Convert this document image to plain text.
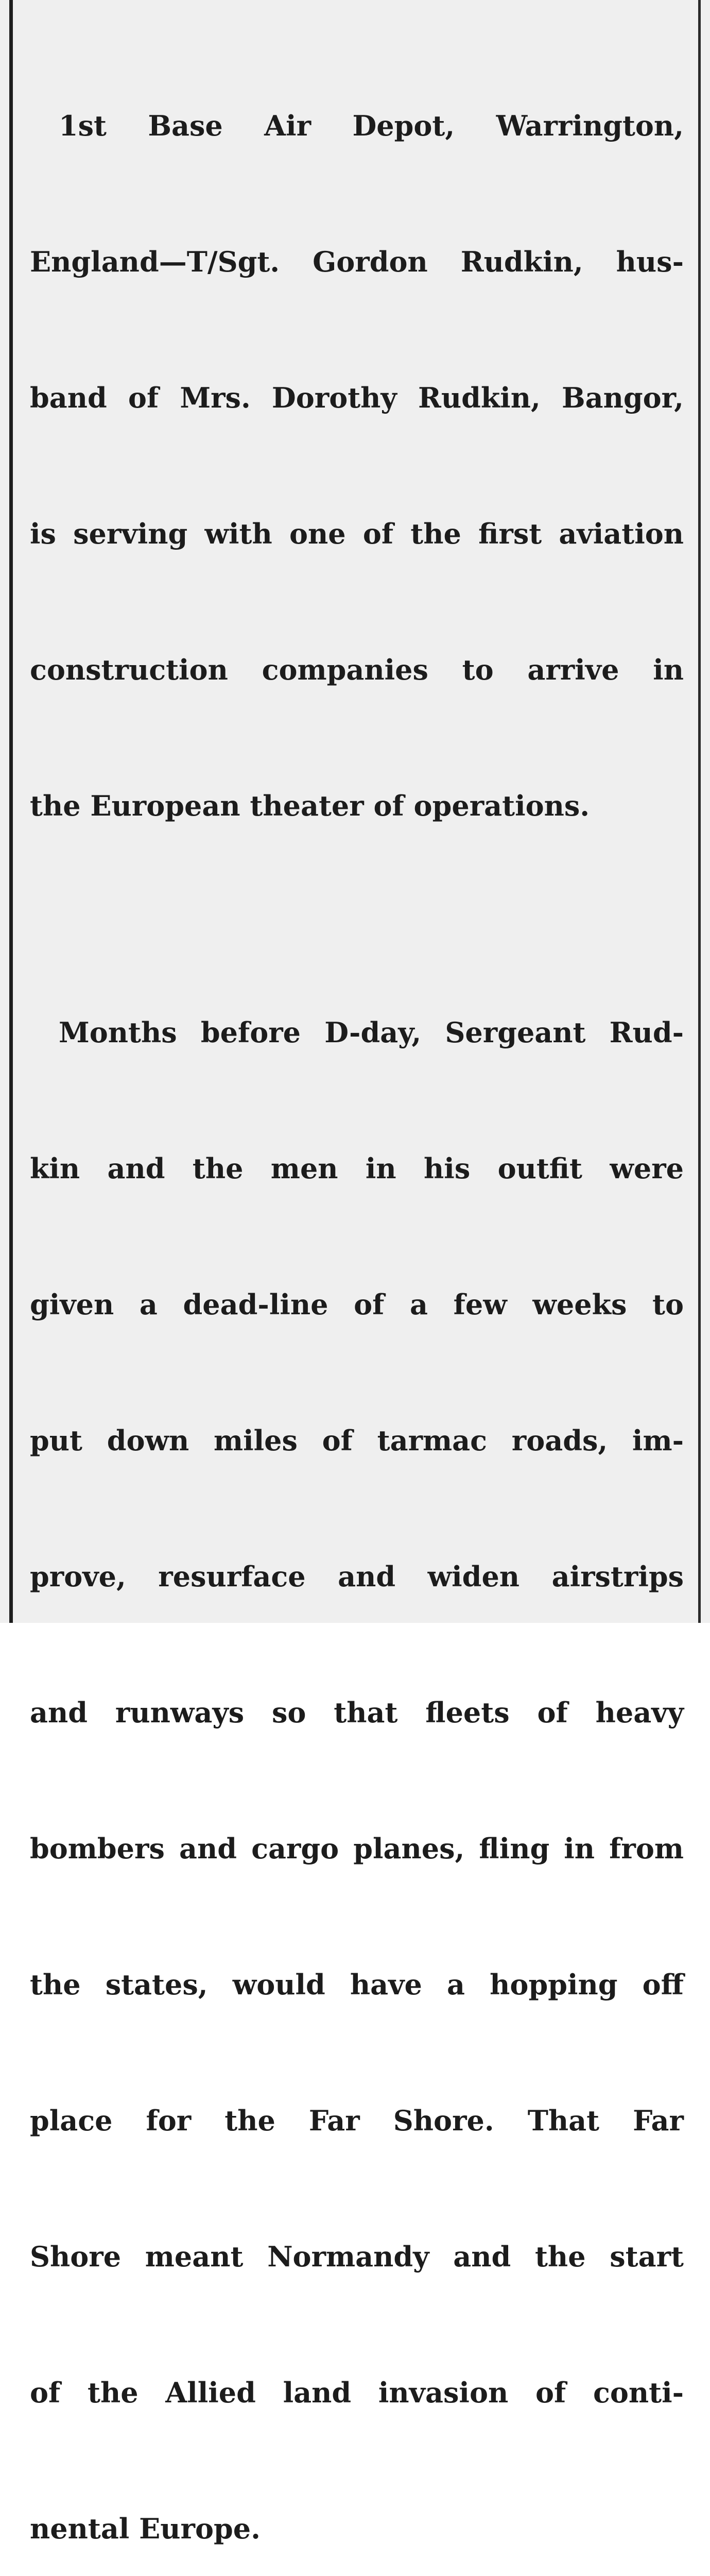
1st Base Air Depot, Warrington,

England—T/Sgt. Gordon Rudkin, hus-

band of Mrs. Dorothy Rudkin, Bangor,

is serving with one of the first aviation

construction companies to arrive in

the European theater of operations.

Months before D-day, Sergeant Rud-

kin and the men in his outfit were

given a dead-line of a few weeks to

put down miles of tarmac roads, im-

prove, resurface and widen airstrips

and runways so that fleets of heavy

bombers and cargo planes, fling in from

the states, would have a hopping off

place for the Far Shore. That Far

Shore meant Normandy and the start

of the Allied land invasion of conti-

nental Europe.
